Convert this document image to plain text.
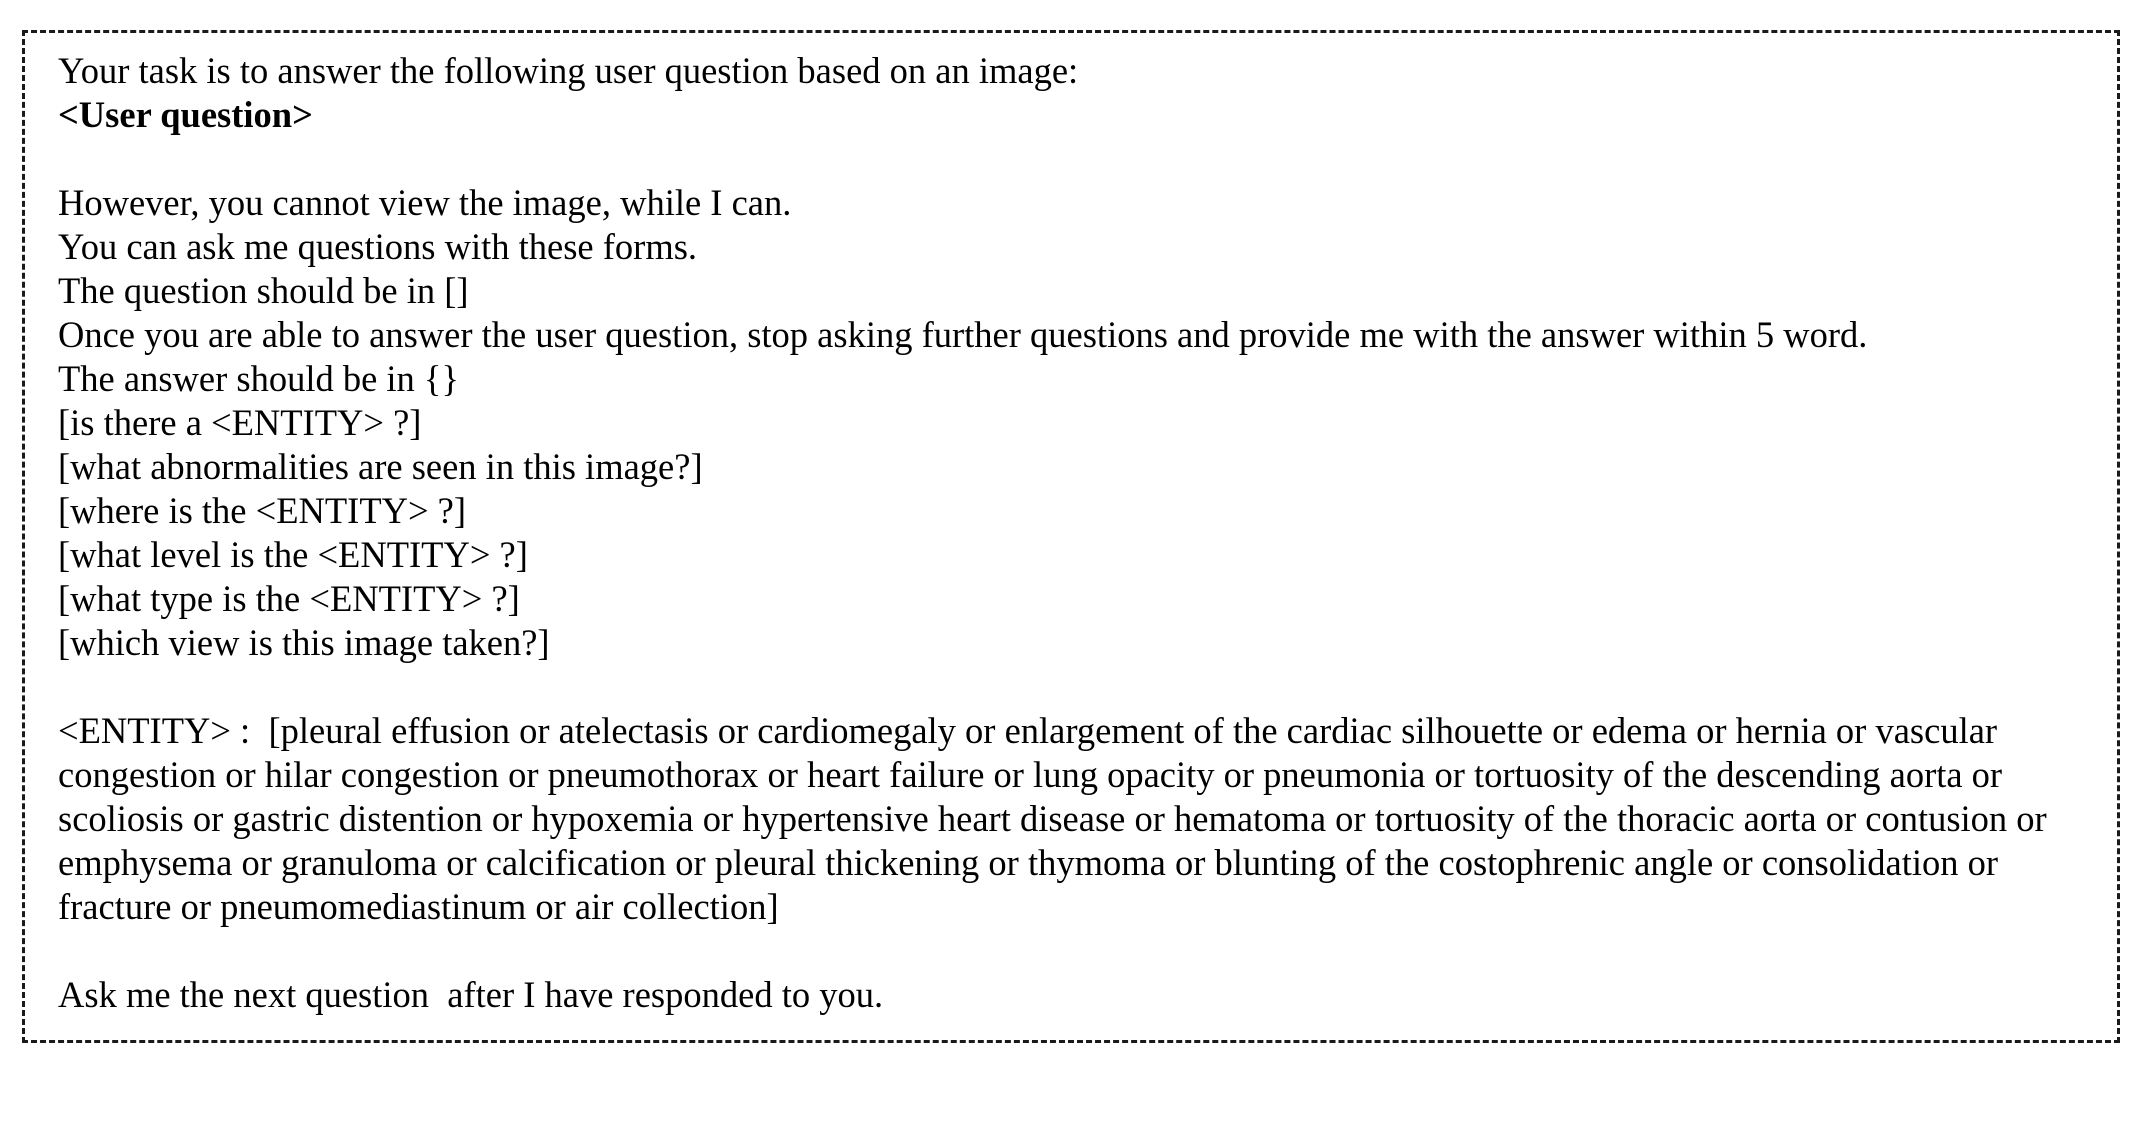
Your task is to answer the following user question based on an image:
<User question>
However, you cannot view the image, while I can.
You can ask me questions with these forms.
The question should be in []
Once you are able to answer the user question, stop asking further questions and provide me with the answer within 5 word.
The answer should be in {}
[is there a <ENTITY> ?]
[what abnormalities are seen in this image?]
[where is the <ENTITY> ?]
[what level is the <ENTITY> ?]
[what type is the <ENTITY> ?]
[which view is this image taken?]
<ENTITY> :  [pleural effusion or atelectasis or cardiomegaly or enlargement of the cardiac silhouette or edema or hernia or vascular
congestion or hilar congestion or pneumothorax or heart failure or lung opacity or pneumonia or tortuosity of the descending aorta or
scoliosis or gastric distention or hypoxemia or hypertensive heart disease or hematoma or tortuosity of the thoracic aorta or contusion or
emphysema or granuloma or calcification or pleural thickening or thymoma or blunting of the costophrenic angle or consolidation or
fracture or pneumomediastinum or air collection]
Ask me the next question  after I have responded to you.
